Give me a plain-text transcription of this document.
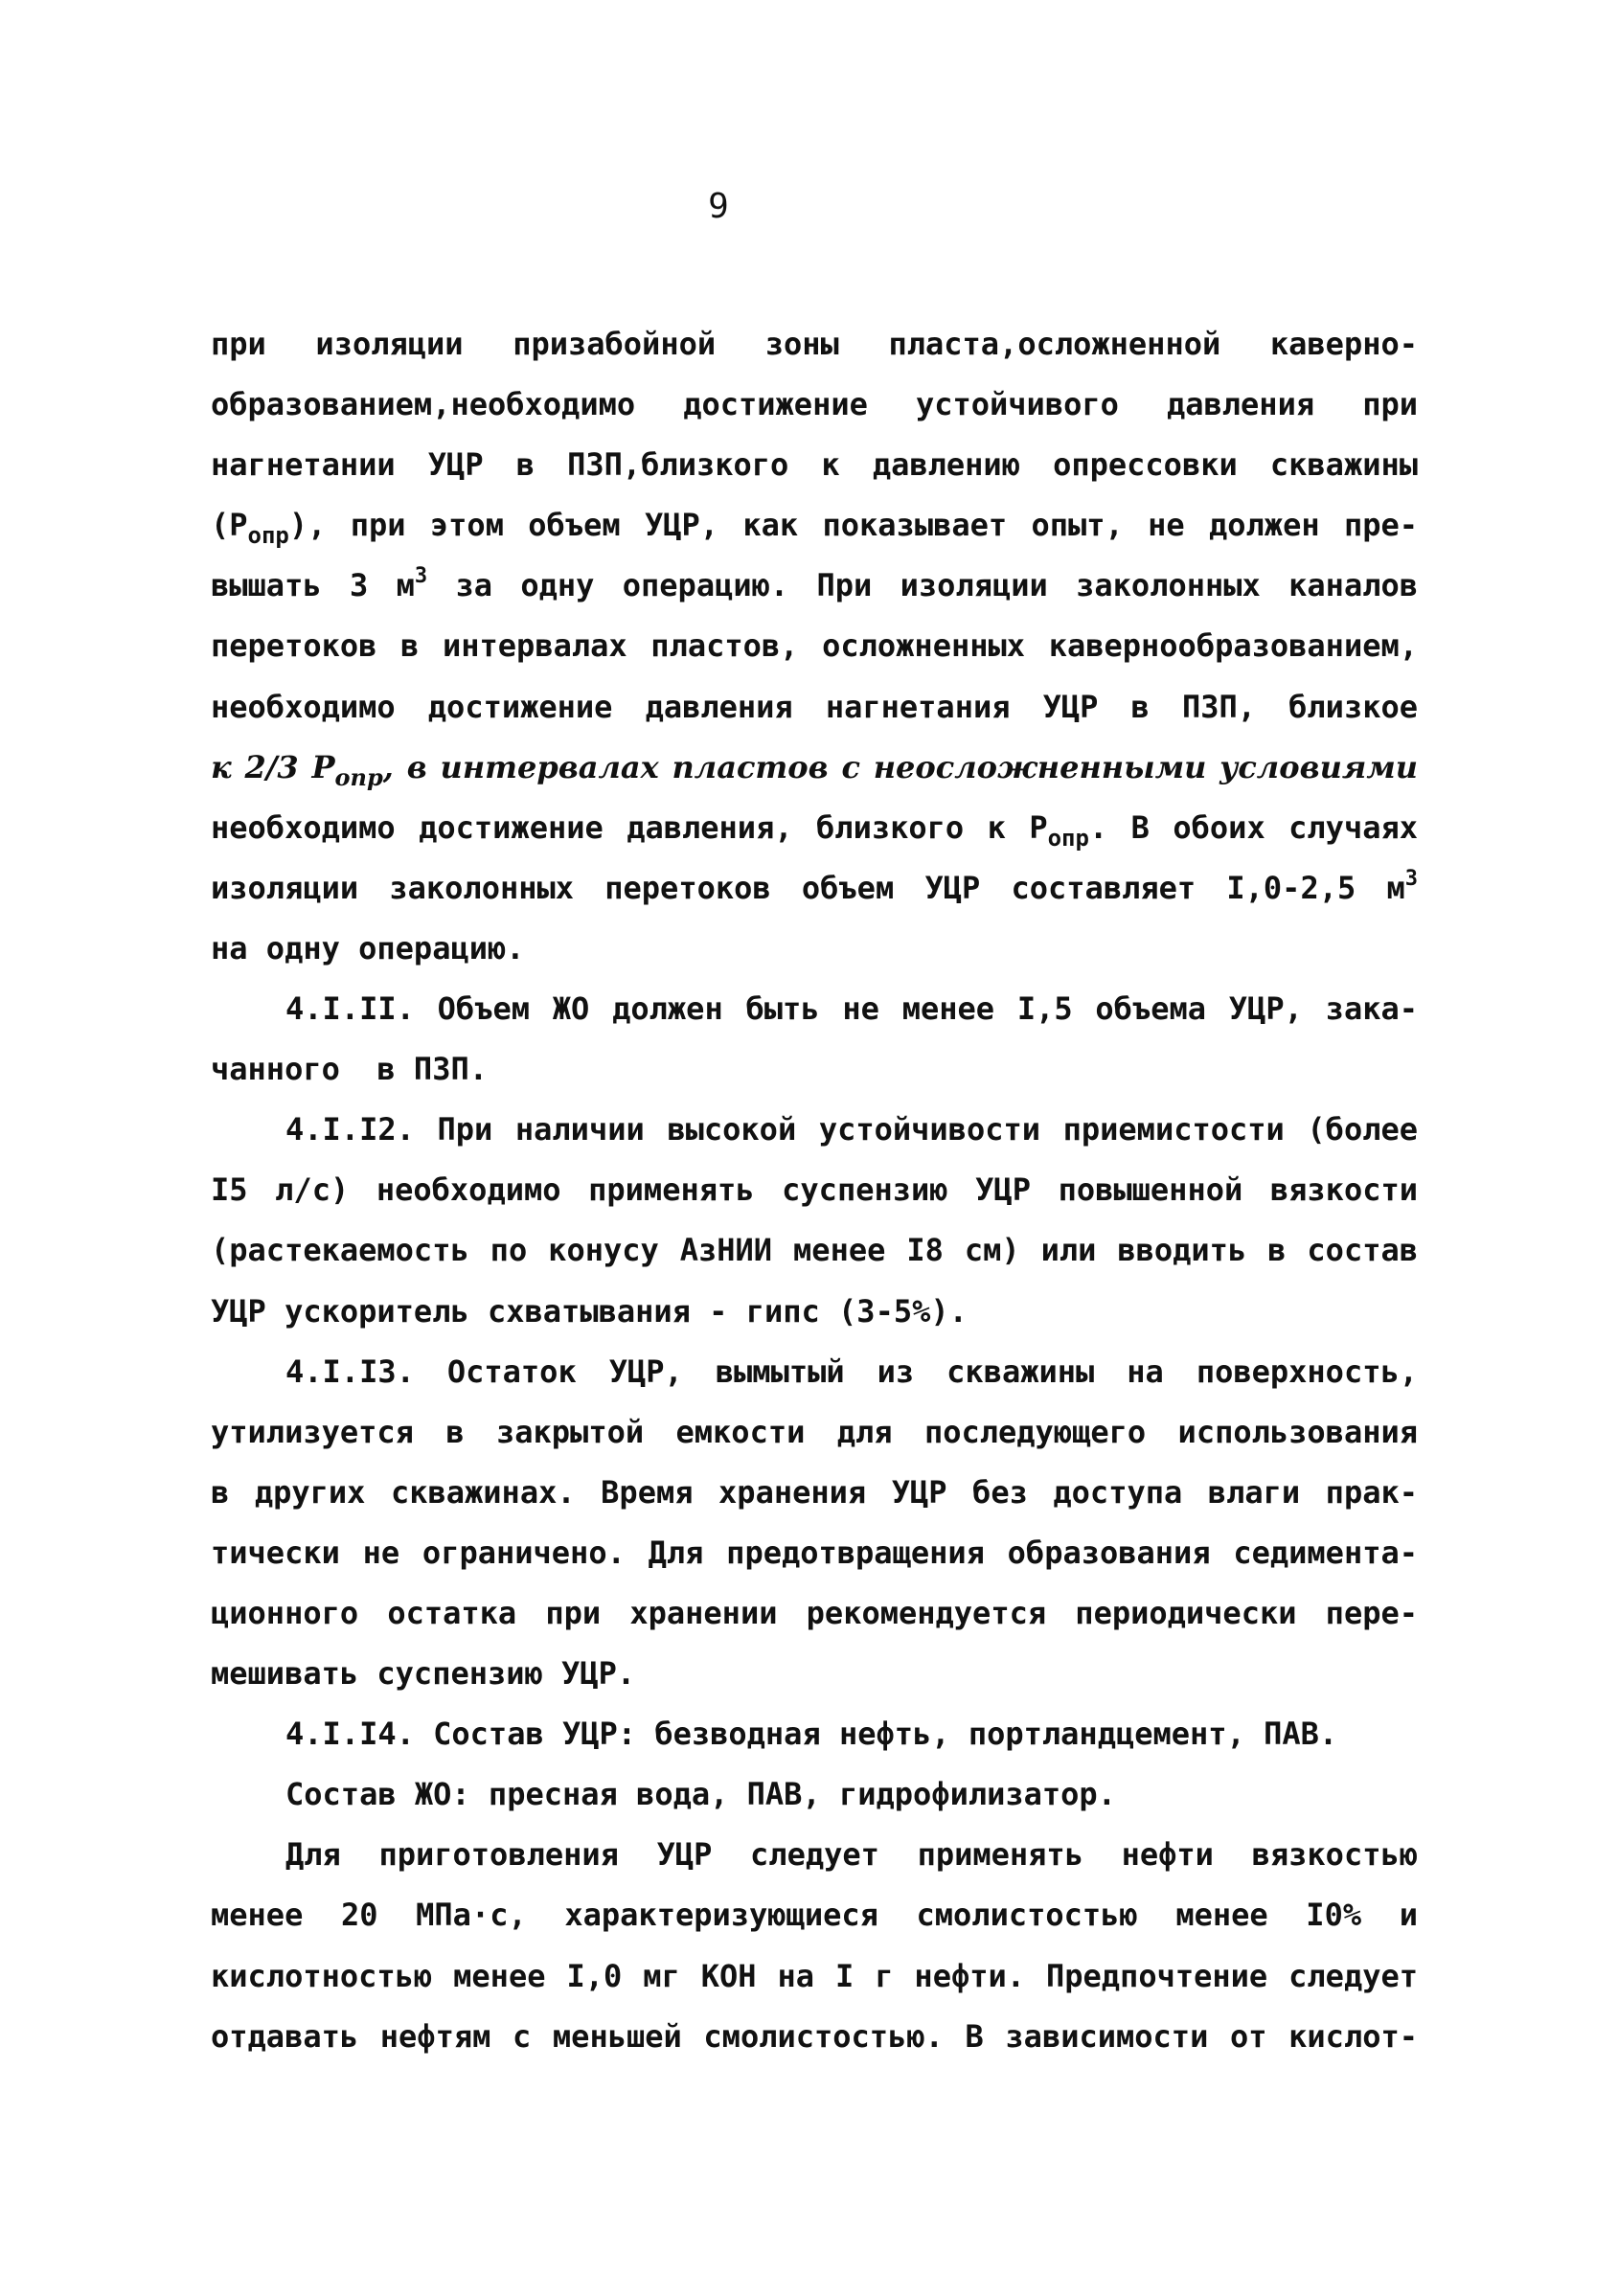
9
при изоляции призабойной зоны пласта,осложненной каверно-
образованием,необходимо достижение устойчивого давления при
нагнетании УЦР в ПЗП,близкого к давлению опрессовки скважины
$(P_{опр})$, при этом объем УЦР, как показывает опыт, не должен пре-
вышать 3 $м^3$ за одну операцию. При изоляции заколонных каналов
перетоков в интервалах пластов, осложненных кавернообразованием,
необходимо достижение давления нагнетания УЦР в ПЗП, близкое
к 2/3 $P_{опр}$, в интервалах пластов с неосложненными условиями
необходимо достижение давления, близкого к $P_{опр}$. В обоих случаях
изоляции заколонных перетоков объем УЦР составляет I,0-2,5 $м^3$
на одну операцию.
4.I.II. Объем ЖО должен быть не менее I,5 объема УЦР, зака-
чанного  в ПЗП.
4.I.I2. При наличии высокой устойчивости приемистости (более
I5 л/с) необходимо применять суспензию УЦР повышенной вязкости
(растекаемость по конусу АзНИИ менее I8 см) или вводить в состав
УЦР ускоритель схватывания - гипс (3-5%).
4.I.I3. Остаток УЦР, вымытый из скважины на поверхность,
утилизуется в закрытой емкости для последующего использования
в других скважинах. Время хранения УЦР без доступа влаги прак-
тически не ограничено. Для предотвращения образования седимента-
ционного остатка при хранении рекомендуется периодически пере-
мешивать суспензию УЦР.
4.I.I4. Состав УЦР: безводная нефть, портландцемент, ПАВ.
Состав ЖО: пресная вода, ПАВ, гидрофилизатор.
Для приготовления УЦР следует применять нефти вязкостью
менее 20 МПа·с, характеризующиеся смолистостью менее I0% и
кислотностью менее I,0 мг КОН на I г нефти. Предпочтение следует
отдавать нефтям с меньшей смолистостью. В зависимости от кислот-
